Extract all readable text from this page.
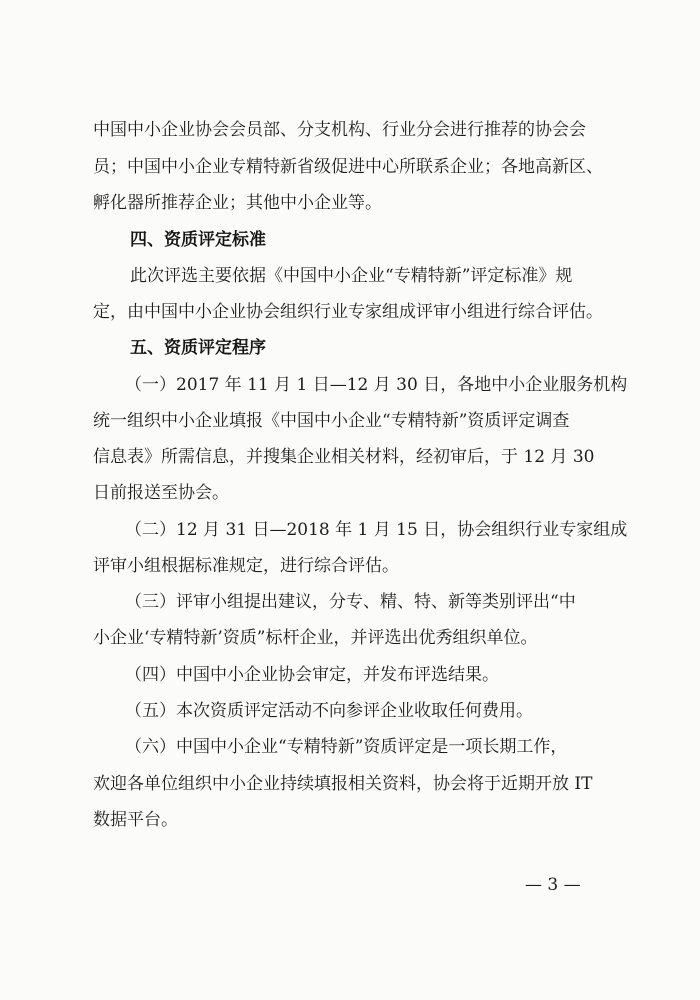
中国中小企业协会会员部、分支机构、行业分会进行推荐的协会会

员；中国中小企业专精特新省级促进中心所联系企业；各地高新区、

孵化器所推荐企业；其他中小企业等。

四、资质评定标准

此次评选主要依据《中国中小企业“专精特新”评定标准》规

定，由中国中小企业协会组织行业专家组成评审小组进行综合评估。

五、资质评定程序

（一）2017 年 11 月 1 日—12 月 30 日，各地中小企业服务机构

统一组织中小企业填报《中国中小企业“专精特新”资质评定调查

信息表》所需信息，并搜集企业相关材料，经初审后，于 12 月 30

日前报送至协会。

（二）12 月 31 日—2018 年 1 月 15 日，协会组织行业专家组成

评审小组根据标准规定，进行综合评估。

（三）评审小组提出建议，分专、精、特、新等类别评出“中

小企业‘专精特新’资质”标杆企业，并评选出优秀组织单位。

（四）中国中小企业协会审定，并发布评选结果。

（五）本次资质评定活动不向参评企业收取任何费用。

（六）中国中小企业“专精特新”资质评定是一项长期工作，

欢迎各单位组织中小企业持续填报相关资料，协会将于近期开放 IT

数据平台。

— 3 —
